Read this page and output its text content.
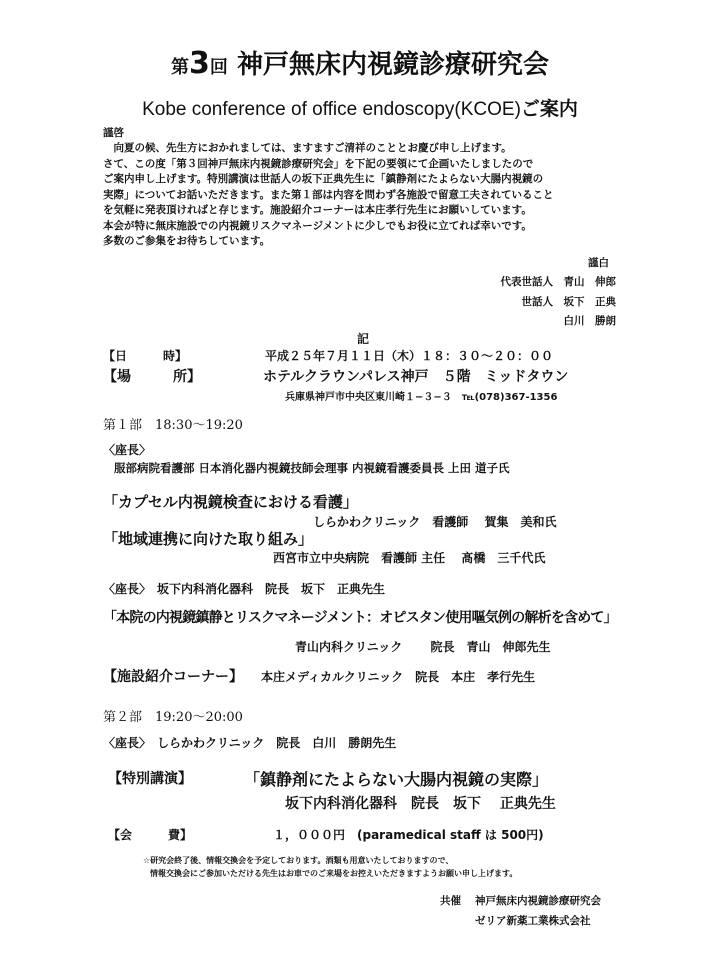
第3回 神戸無床内視鏡診療研究会
Kobe conference of office endoscopy(KCOE)ご案内
謹啓
　向夏の候、先生方におかれましては、ますますご清祥のこととお慶び申し上げます。
さて、この度「第３回神戸無床内視鏡診療研究会」を下記の要領にて企画いたしましたので
ご案内申し上げます。特別講演は世話人の坂下正典先生に「鎮静剤にたよらない大腸内視鏡の
実際」についてお話いただきます。また第１部は内容を問わず各施設で留意工夫されていること
を気軽に発表頂ければと存じます。施設紹介コーナーは本庄孝行先生にお願いしています。
本会が特に無床施設での内視鏡リスクマネージメントに少しでもお役に立てれば幸いです。
多数のご参集をお待ちしています。
謹白
代表世話人　 青山　伸郎
世話人　 坂下　正典
白川　勝朗
記
【日　　　時】	平成２５年７月１１日（木）１８：３０〜２０：００
【場　　　所】	ホテルクラウンパレス神戸　５階　ミッドタウン
兵庫県神戸市中央区東川崎１−３−３　℡(078)367-1356
第１部　18:30〜19:20
〈座長〉
服部病院看護部 日本消化器内視鏡技師会理事 内視鏡看護委員長 上田 道子氏
「カプセル内視鏡検査における看護」
しらかわクリニック　看護師　 賀集　美和氏
「地域連携に向けた取り組み」
西宮市立中央病院　看護師 主任　 髙橋　三千代氏
〈座長〉　坂下内科消化器科　院長　坂下　正典先生
「本院の内視鏡鎮静とリスクマネージメント：オピスタン使用嘔気例の解析を含めて」
青山内科クリニック　　 院長　青山　伸郎先生
【施設紹介コーナー】 本庄メディカルクリニック　院長　本庄　孝行先生
第２部　19:20〜20:00
〈座長〉　しらかわクリニック　院長　白川　勝朗先生
【特別講演】	「鎮静剤にたよらない大腸内視鏡の実際」
坂下内科消化器科　院長　坂下　 正典先生
【会　　　費】	１，０００円　(paramedical staff は 500円)
☆研究会終了後、情報交換会を予定しております。酒類も用意いたしておりますので、
情報交換会にご参加いただける先生はお車でのご来場をお控えいただきますようお願い申し上げます。
共催 神戸無床内視鏡診療研究会
ゼリア新薬工業株式会社
